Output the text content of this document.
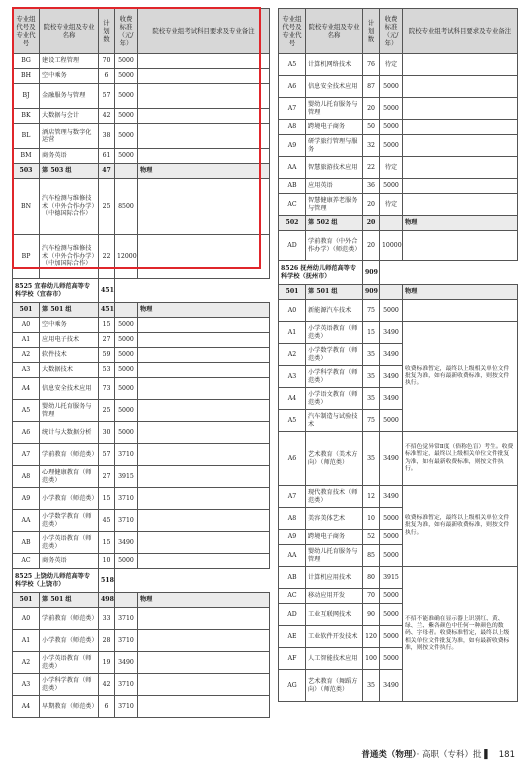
专业组代号及专业代号	院校专业组及专业名称	计划数	收费标准（元/年）	院校专业组考试科目要求及专业备注
BG	建设工程管理	70	5000	
BH	空中乘务	6	5000	
BJ	金融服务与管理	57	5000	
BK	大数据与会计	42	5000	
BL	酒店管理与数字化运营	38	5000	
BM	商务英语	61	5000	
503	第 503 组	47		物理
BN	汽车检测与维修技术（中外合作办学）（中德国际合作）	25	8500	
BP	汽车检测与维修技术（中外合作办学）（中加国际合作）	22	12000	
8525 宜春幼儿师范高等专科学校（宜春市）		451		
501	第 501 组	451		物理
A0	空中乘务	15	5000	
A1	应用电子技术	27	5000	
A2	软件技术	59	5000	
A3	大数据技术	53	5000	
A4	信息安全技术应用	73	5000	
A5	婴幼儿托育服务与管理	25	5000	
A6	统计与大数据分析	30	5000	
A7	学前教育（师范类）	57	3710	
A8	心理健康教育（师范类）	27	3915	
A9	小学教育（师范类）	15	3710	
AA	小学数学教育（师范类）	45	3710	
AB	小学英语教育（师范类）	15	3490	
AC	商务英语	10	5000	
8525 上饶幼儿师范高等专科学校（上饶市）		518		
501	第 501 组	498		物理
A0	学前教育（师范类）	33	3710	
A1	小学教育（师范类）	28	3710	
A2	小学英语教育（师范类）	19	3490	
A3	小学科学教育（师范类）	42	3710	
A4	早期教育（师范类）	6	3710	
专业组代号及专业代号	院校专业组及专业名称	计划数	收费标准（元/年）	院校专业组考试科目要求及专业备注
A5	计算机网络技术	76	待定	
A6	信息安全技术应用	87	5000	
A7	婴幼儿托育服务与管理	20	5000	
A8	跨境电子商务	50	5000	
A9	研学旅行管理与服务	32	5000	
AA	智慧旅游技术应用	22	待定	
AB	应用英语	36	5000	
AC	智慧健康养老服务与管理	20	待定	
502	第 502 组	20		物理
AD	学前教育（中外合作办学）（师范类）	20	10000	
8526 抚州幼儿师范高等专科学校（抚州市）		909		
501	第 501 组	909		物理
A0	新能源汽车技术	75	5000	
A1	小学英语教育（师范类）	15	3490	收费标准暂定，最终以上级相关单位文件批复为准，如有最新收费标准，则按文件执行。
A2	小学数学教育（师范类）	35	3490	
A3	小学科学教育（师范类）	35	3490	
A4	小学语文教育（师范类）	35	3490	
A5	汽车制造与试验技术	75	5000	
A6	艺术教育（美术方向）（师范类）	35	3490	不招色觉异常Ⅱ度（俗称色盲）考生。收费标准暂定，最终以上级相关单位文件批复为准，如有最新收费标准，则按文件执行。
A7	现代教育技术（师范类）	12	3490	收费标准暂定，最终以上级相关单位文件批复为准，如有最新收费标准，则按文件执行。
A8	美容美体艺术	10	5000	
A9	跨境电子商务	52	5000	
AA	婴幼儿托育服务与管理	85	5000	
AB	计算机应用技术	80	3915	不招不能准确在显示器上识别红、黄、绿、兰、紫各颜色中任何一种颜色的数码、字母者。收费标准暂定，最终以上级相关单位文件批复为准，如有最新收费标准，则按文件执行。
AC	移动应用开发	70	5000	
AD	工业互联网技术	90	5000	
AE	工业软件开发技术	120	5000	
AF	人工智能技术应用	100	5000	
AG	艺术教育（舞蹈方向）（师范类）	35	3490	
普通类（物理）· 高职（专科）批 ▌ 181
